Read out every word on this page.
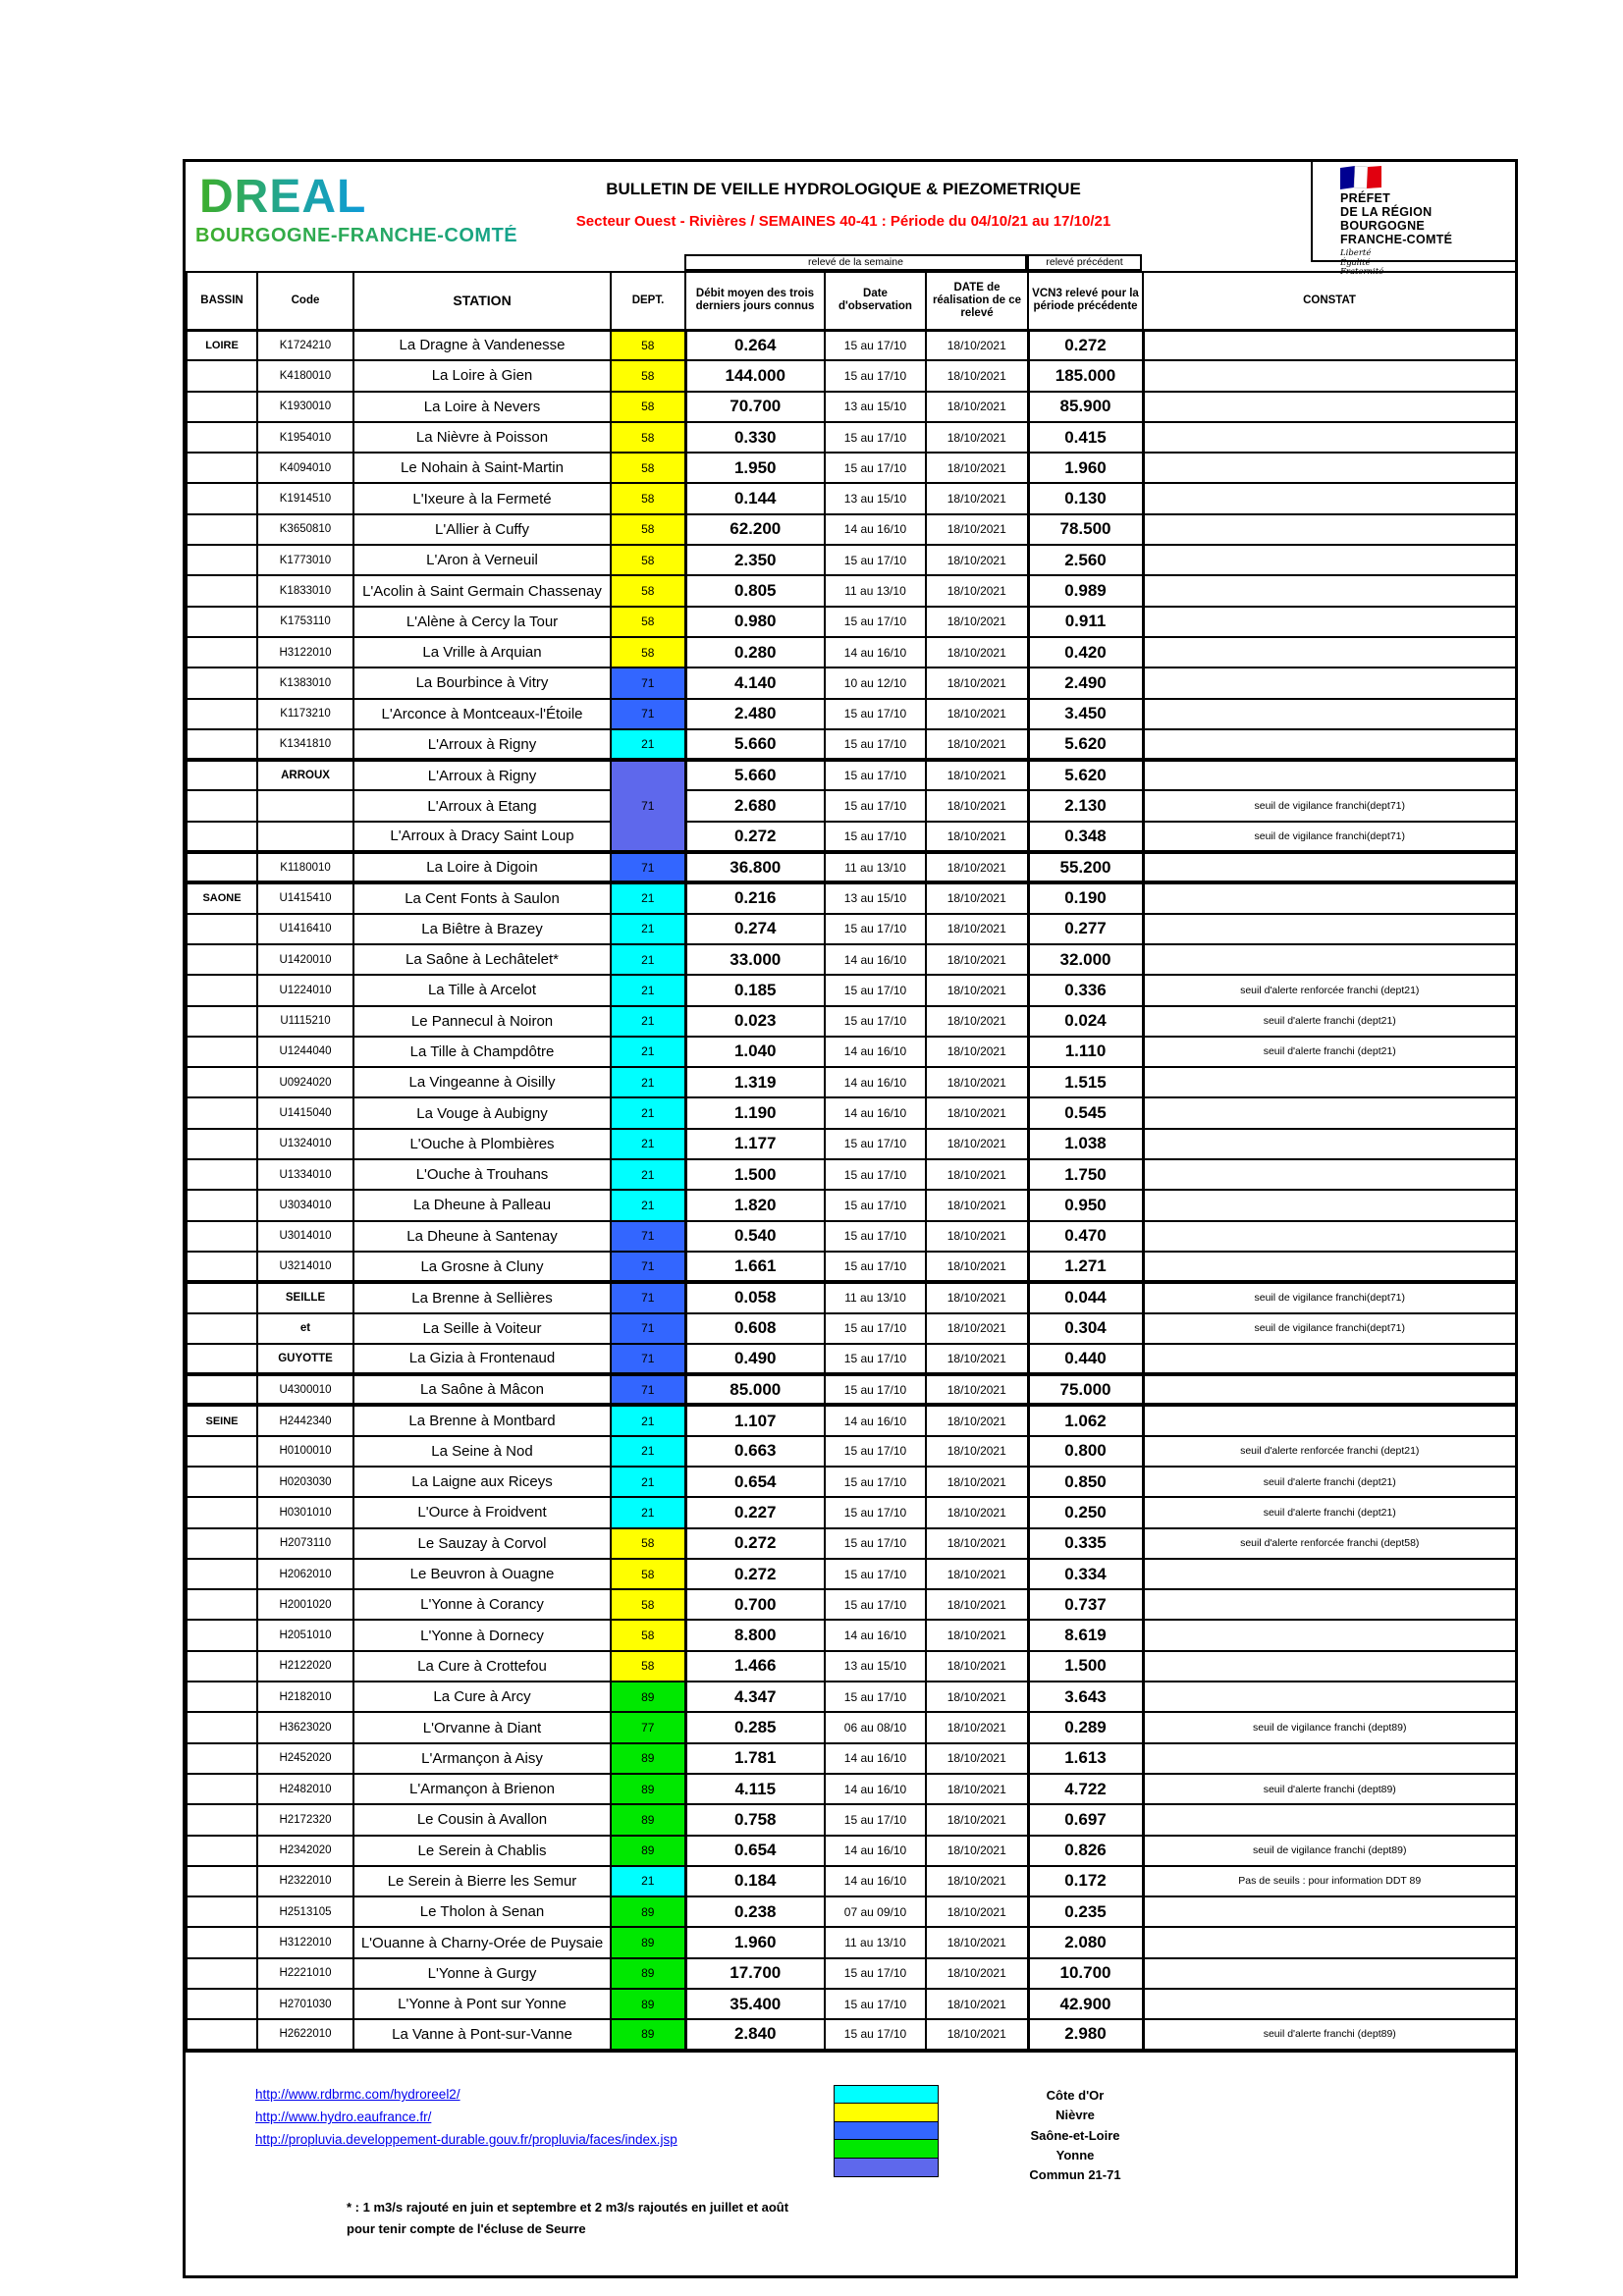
DREAL
BOURGOGNE-FRANCHE-COMTÉ
BULLETIN DE VEILLE HYDROLOGIQUE & PIEZOMETRIQUE
Secteur Ouest - Rivières / SEMAINES 40-41 : Période du 04/10/21 au 17/10/21
PRÉFET
DE LA RÉGION
BOURGOGNE
FRANCHE-COMTÉ
Liberté
Égalité
Fraternité
relevé de la semaine	relevé précédent
BASSIN	Code	STATION	DEPT.	Débit moyen des trois derniers jours connus	Date d'observation	DATE de réalisation de ce relevé	VCN3 relevé pour la période précédente	CONSTAT
LOIRE	K1724210	La Dragne à Vandenesse	58	0.264	15 au 17/10	18/10/2021	0.272	
	K4180010	La Loire à Gien	58	144.000	15 au 17/10	18/10/2021	185.000	
	K1930010	La Loire à Nevers	58	70.700	13 au 15/10	18/10/2021	85.900	
	K1954010	La Nièvre à Poisson	58	0.330	15 au 17/10	18/10/2021	0.415	
	K4094010	Le Nohain à Saint-Martin	58	1.950	15 au 17/10	18/10/2021	1.960	
	K1914510	L'Ixeure à la Fermeté	58	0.144	13 au 15/10	18/10/2021	0.130	
	K3650810	L'Allier à Cuffy	58	62.200	14 au 16/10	18/10/2021	78.500	
	K1773010	L'Aron à Verneuil	58	2.350	15 au 17/10	18/10/2021	2.560	
	K1833010	L'Acolin à Saint Germain Chassenay	58	0.805	11 au 13/10	18/10/2021	0.989	
	K1753110	L'Alène à Cercy la Tour	58	0.980	15 au 17/10	18/10/2021	0.911	
	H3122010	La Vrille à Arquian	58	0.280	14 au 16/10	18/10/2021	0.420	
	K1383010	La Bourbince à Vitry	71	4.140	10 au 12/10	18/10/2021	2.490	
	K1173210	L'Arconce à Montceaux-l'Étoile	71	2.480	15 au 17/10	18/10/2021	3.450	
	K1341810	L'Arroux à Rigny	21	5.660	15 au 17/10	18/10/2021	5.620	
	ARROUX	L'Arroux à Rigny	71	5.660	15 au 17/10	18/10/2021	5.620	
		L'Arroux à Etang		2.680	15 au 17/10	18/10/2021	2.130	seuil de vigilance franchi(dept71)
		L'Arroux à Dracy Saint Loup		0.272	15 au 17/10	18/10/2021	0.348	seuil de vigilance franchi(dept71)
	K1180010	La Loire à Digoin	71	36.800	11 au 13/10	18/10/2021	55.200	
SAONE	U1415410	La Cent Fonts à Saulon	21	0.216	13 au 15/10	18/10/2021	0.190	
	U1416410	La Biêtre à Brazey	21	0.274	15 au 17/10	18/10/2021	0.277	
	U1420010	La Saône à Lechâtelet*	21	33.000	14 au 16/10	18/10/2021	32.000	
	U1224010	La Tille à Arcelot	21	0.185	15 au 17/10	18/10/2021	0.336	seuil d'alerte renforcée franchi (dept21)
	U1115210	Le Pannecul à Noiron	21	0.023	15 au 17/10	18/10/2021	0.024	seuil d'alerte franchi (dept21)
	U1244040	La Tille à Champdôtre	21	1.040	14 au 16/10	18/10/2021	1.110	seuil d'alerte franchi (dept21)
	U0924020	La Vingeanne à Oisilly	21	1.319	14 au 16/10	18/10/2021	1.515	
	U1415040	La Vouge à Aubigny	21	1.190	14 au 16/10	18/10/2021	0.545	
	U1324010	L'Ouche à Plombières	21	1.177	15 au 17/10	18/10/2021	1.038	
	U1334010	L'Ouche à Trouhans	21	1.500	15 au 17/10	18/10/2021	1.750	
	U3034010	La Dheune à Palleau	21	1.820	15 au 17/10	18/10/2021	0.950	
	U3014010	La Dheune à Santenay	71	0.540	15 au 17/10	18/10/2021	0.470	
	U3214010	La Grosne à Cluny	71	1.661	15 au 17/10	18/10/2021	1.271	
	SEILLE	La Brenne à Sellières	71	0.058	11 au 13/10	18/10/2021	0.044	seuil de vigilance franchi(dept71)
	et	La Seille à Voiteur	71	0.608	15 au 17/10	18/10/2021	0.304	seuil de vigilance franchi(dept71)
	GUYOTTE	La Gizia à Frontenaud	71	0.490	15 au 17/10	18/10/2021	0.440	
	U4300010	La Saône à Mâcon	71	85.000	15 au 17/10	18/10/2021	75.000	
SEINE	H2442340	La Brenne à Montbard	21	1.107	14 au 16/10	18/10/2021	1.062	
	H0100010	La Seine à Nod	21	0.663	15 au 17/10	18/10/2021	0.800	seuil d'alerte renforcée franchi (dept21)
	H0203030	La Laigne aux Riceys	21	0.654	15 au 17/10	18/10/2021	0.850	seuil d'alerte franchi (dept21)
	H0301010	L'Ource à Froidvent	21	0.227	15 au 17/10	18/10/2021	0.250	seuil d'alerte franchi (dept21)
	H2073110	Le Sauzay à Corvol	58	0.272	15 au 17/10	18/10/2021	0.335	seuil d'alerte renforcée franchi (dept58)
	H2062010	Le Beuvron à Ouagne	58	0.272	15 au 17/10	18/10/2021	0.334	
	H2001020	L'Yonne à Corancy	58	0.700	15 au 17/10	18/10/2021	0.737	
	H2051010	L'Yonne à Dornecy	58	8.800	14 au 16/10	18/10/2021	8.619	
	H2122020	La Cure à Crottefou	58	1.466	13 au 15/10	18/10/2021	1.500	
	H2182010	La Cure à Arcy	89	4.347	15 au 17/10	18/10/2021	3.643	
	H3623020	L'Orvanne à Diant	77	0.285	06 au 08/10	18/10/2021	0.289	seuil de vigilance franchi (dept89)
	H2452020	L'Armançon à Aisy	89	1.781	14 au 16/10	18/10/2021	1.613	
	H2482010	L'Armançon à Brienon	89	4.115	14 au 16/10	18/10/2021	4.722	seuil d'alerte franchi (dept89)
	H2172320	Le Cousin à Avallon	89	0.758	15 au 17/10	18/10/2021	0.697	
	H2342020	Le Serein à Chablis	89	0.654	14 au 16/10	18/10/2021	0.826	seuil de vigilance franchi (dept89)
	H2322010	Le Serein à Bierre les Semur	21	0.184	14 au 16/10	18/10/2021	0.172	Pas de seuils : pour information DDT 89
	H2513105	Le Tholon à Senan	89	0.238	07 au 09/10	18/10/2021	0.235	
	H3122010	L'Ouanne à Charny-Orée de Puysaie	89	1.960	11 au 13/10	18/10/2021	2.080	
	H2221010	L'Yonne à Gurgy	89	17.700	15 au 17/10	18/10/2021	10.700	
	H2701030	L'Yonne à Pont sur Yonne	89	35.400	15 au 17/10	18/10/2021	42.900	
	H2622010	La Vanne à Pont-sur-Vanne	89	2.840	15 au 17/10	18/10/2021	2.980	seuil d'alerte franchi (dept89)
http://www.rdbrmc.com/hydroreel2/
http://www.hydro.eaufrance.fr/
http://propluvia.developpement-durable.gouv.fr/propluvia/faces/index.jsp
Côte d'Or
Nièvre
Saône-et-Loire
Yonne
Commun 21-71
* : 1 m3/s rajouté en juin et septembre et 2 m3/s rajoutés en juillet et août
pour tenir compte de l'écluse de Seurre
